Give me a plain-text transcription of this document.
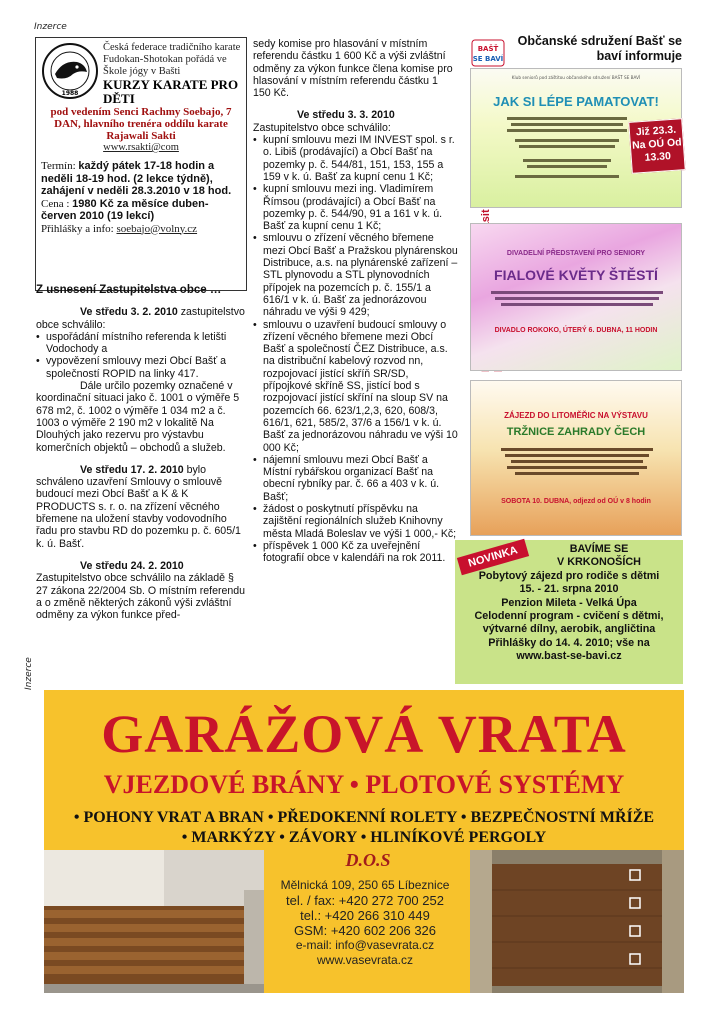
Inzerce
Inzerce
1988
Česká federace tradičního karate Fudokan-Shotokan pořádá ve Škole jógy v Bašti
KURZY KARATE PRO DĚTI
pod vedením Senci Rachmy Soebajo, 7 DAN, hlavního trenéra oddílu karate Rajawali Sakti
www.rsakti@com
Termín: každý pátek 17-18 hodin a neděli 18-19 hod. (2 lekce týdně), zahájení v neděli 28.3.2010 v 18 hod.
Cena : 1980 Kč za měsíce duben-červen 2010 (19 lekcí)
Přihlášky a info: soebajo@volny.cz
Z usnesení Zastupitelstva obce …

Ve středu 3. 2. 2010 zastupitelstvo obce schválilo:

• uspořádání místního referenda k letišti Vodochody a
• vypovězení smlouvy mezi Obcí Bašť a společností ROPID na linky 417.

Dále určilo pozemky označené v koordinační situaci jako č. 1001 o výměře 5 678 m2, č. 1002 o výměře 1 034 m2 a č. 1003 o výměře 2 190 m2 v lokalitě Na Dlouhých jako rezervu pro výstavbu komerčních objektů – obchodů a služeb.

Ve středu 17. 2. 2010 bylo schváleno uzavření Smlouvy o smlouvě budoucí mezi Obcí Bašť a K & K PRODUCTS s. r. o. na zřízení věcného břemene na uložení stavby vodovodního řadu pro stavbu RD do pozemku p. č. 605/1 k. ú. Bašť.

Ve středu 24. 2. 2010 Zastupitelstvo obce schválilo na základě § 27 zákona 22/2004 Sb. O místním referendu a o změně některých zákonů výši zvláštní odměny za výkon funkce před-

sedy komise pro hlasování v místním referendu částku 1 600 Kč a výši zvláštní odměny za výkon funkce člena komise pro hlasování v místním referendu částku 1 150 Kč.

Ve středu 3. 3. 2010 Zastupitelstvo obce schválilo:

• kupní smlouvu mezi IM INVEST spol. s r. o. Libiš (prodávající) a Obcí Bašť na pozemky p. č. 544/81, 151, 153, 155 a 159 v k. ú. Bašť za kupní cenu 1 Kč;
• kupní smlouvu mezi ing. Vladimírem Římsou (prodávající) a Obcí Bašť na pozemky p. č. 544/90, 91 a 161 v k. ú. Bašť za kupní cenu 1 Kč;
• smlouvu o zřízení věcného břemene mezi Obcí Bašť a Pražskou plynárenskou Distribuce, a.s. na plynárenské zařízení – STL plynovodu a STL plynovodních přípojek na pozemcích p. č. 155/1 a 616/1 v k. ú. Bašť za jednorázovou náhradu ve výši 9 429;
• smlouvu o uzavření budoucí smlouvy o zřízení věcného břemene mezi Obcí Bašť a společností ČEZ Distribuce, a.s. na distribuční kabelový rozvod nn, rozpojovací jistící skříň SR/SD, přípojkové skříně SS, jistící bod s rozpojovací jistící skříní na sloup SV na pozemcích 66. 623/1,2,3, 620, 608/3, 616/1, 621, 585/2, 37/6 a 156/1 v k. ú. Bašť za jednorázovou náhradu ve výši 10 000 Kč;
• nájemní smlouvu mezi Obcí Bašť a Místní rybářskou organizací Bašť na obecní rybníky par. č. 66 a 403 v k. ú. Bašť;
• žádost o poskytnutí příspěvku na zajištění regionálních služeb Knihovny města Mladá Boleslav ve výši 1 000,- Kč;
• příspěvek 1 000 Kč za uveřejnění fotografií obce v kalendáři na rok 2011.
BAŠŤ
SE BAVÍ
Občanské sdružení Bašť se baví informuje
Klub seniorů pod záštitou občanského sdružení BAŠŤ SE BAVÍ
JAK SI LÉPE PAMATOVAT!
Již 23.3. Na OÚ Od 13.30
DIVADELNÍ PŘEDSTAVENÍ PRO SENIORY
FIALOVÉ KVĚTY ŠTĚSTÍ
DIVADLO ROKOKO, ÚTERÝ 6. DUBNA, 11 HODIN
ZÁJEZD DO LITOMĚŘIC NA VÝSTAVU
TRŽNICE ZAHRADY ČECH
SOBOTA 10. DUBNA, odjezd od OÚ v 8 hodin
BAVÍME SE
V KRKONOŠÍCH
Pobytový zájezd pro rodiče s dětmi
15. - 21. srpna 2010
Penzion Mileta - Velká Úpa
Celodenní program - cvičení s dětmi,
výtvarné dílny, aerobik, angličtina
Přihlášky do 14. 4. 2010; vše na
www.bast-se-bavi.cz
NOVINKA
GARÁŽOVÁ VRATA
VJEZDOVÉ BRÁNY • PLOTOVÉ SYSTÉMY
• POHONY VRAT A BRAN • PŘEDOKENNÍ ROLETY • BEZPEČNOSTNÍ MŘÍŽE
• MARKÝZY • ZÁVORY • HLINÍKOVÉ PERGOLY
D.O.S
Mělnická 109, 250 65 Líbeznice
tel. / fax: +420 272 700 252
tel.: +420 266 310 449
GSM: +420 602 206 326
e-mail: info@vasevrata.cz
www.vasevrata.cz
